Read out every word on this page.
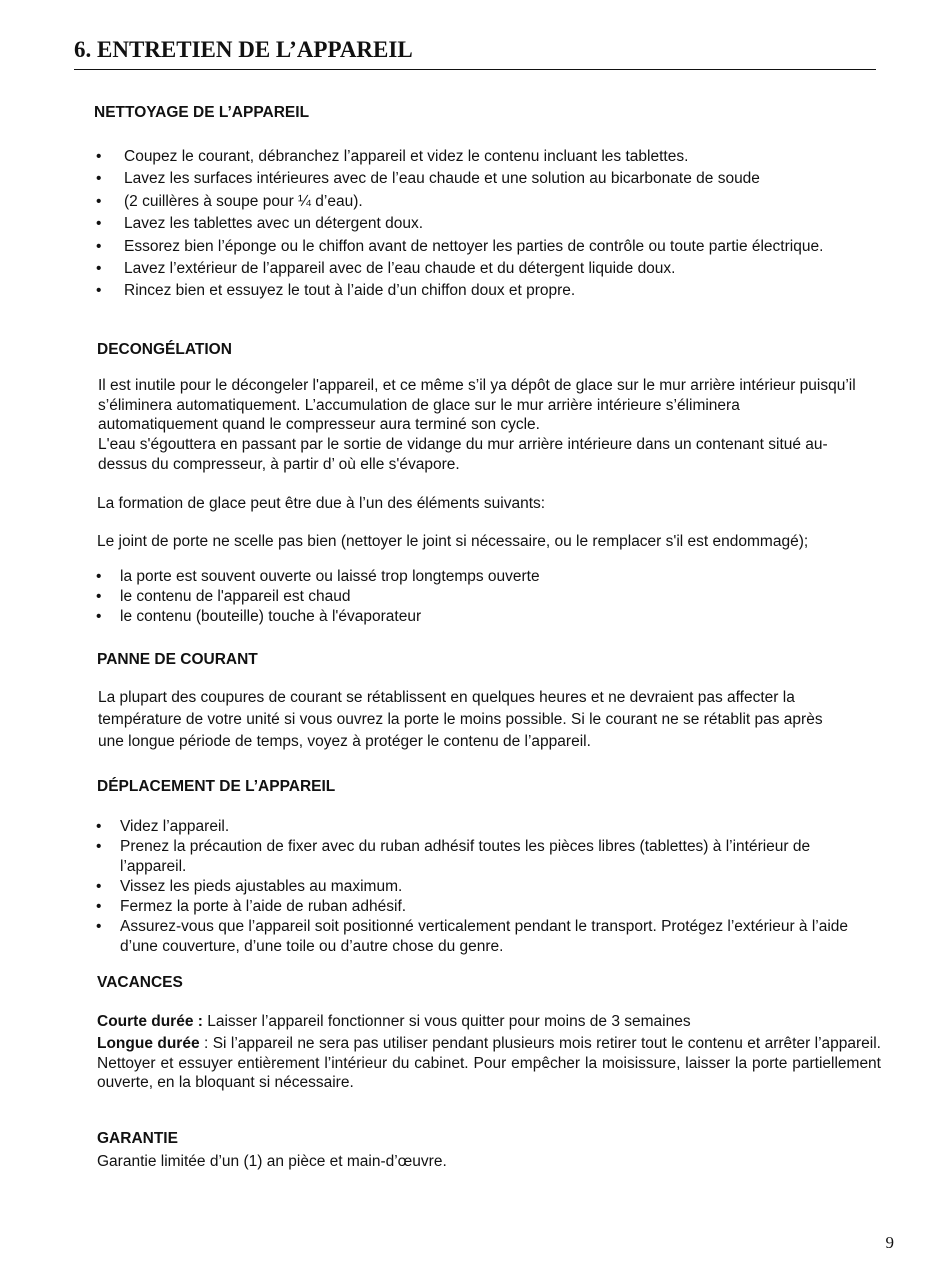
6. ENTRETIEN DE L’APPAREIL
NETTOYAGE DE L’APPAREIL
• Coupez le courant, débranchez l’appareil et videz le contenu incluant les tablettes.
• Lavez les surfaces intérieures avec de l’eau chaude et une solution au bicarbonate de soude
• (2 cuillères à soupe pour ¼ d’eau).
• Lavez les tablettes avec un détergent doux.
• Essorez bien l’éponge ou le chiffon avant de nettoyer les parties de contrôle ou toute partie électrique.
• Lavez l’extérieur de l’appareil avec de l’eau chaude et du détergent liquide doux.
• Rincez bien et essuyez le tout à l’aide d’un chiffon doux et propre.
DECONGÉLATION

Il est inutile pour le décongeler l'appareil, et ce même s’il ya dépôt de glace sur le mur arrière intérieur puisqu’il s’éliminera automatiquement. L’accumulation de glace sur le mur arrière intérieure s’éliminera automatiquement quand le compresseur aura terminé son cycle.

L'eau s'égouttera en passant par le sortie de vidange du mur arrière intérieure dans un contenant situé au-dessus du compresseur, à partir d’ où elle s'évapore.

La formation de glace peut être due à l’un des éléments suivants:

Le joint de porte ne scelle pas bien (nettoyer le joint si nécessaire, ou le remplacer s'il est endommagé);

• la porte est souvent ouverte ou laissé trop longtemps ouverte
• le contenu de l'appareil est chaud
• le contenu (bouteille) touche à l'évaporateur
PANNE DE COURANT

La plupart des coupures de courant se rétablissent en quelques heures et ne devraient pas affecter la température de votre unité si vous ouvrez la porte le moins possible. Si le courant ne se rétablit pas après une longue période de temps, voyez à protéger le contenu de l’appareil.

DÉPLACEMENT DE L’APPAREIL
• Videz l’appareil.
• Prenez la précaution de fixer avec du ruban adhésif toutes les pièces libres (tablettes) à l’intérieur de l’appareil.
• Vissez les pieds ajustables au maximum.
• Fermez la porte à l’aide de ruban adhésif.
• Assurez-vous que l’appareil soit positionné verticalement pendant le transport. Protégez l’extérieur à l’aide d’une couverture, d’une toile ou d’autre chose du genre.
VACANCES

Courte durée : Laisser l’appareil fonctionner si vous quitter pour moins de 3 semaines

Longue durée : Si l’appareil ne sera pas utiliser pendant plusieurs mois retirer tout le contenu et arrêter l’appareil. Nettoyer et essuyer entièrement l’intérieur du cabinet. Pour empêcher la moisissure, laisser la porte partiellement ouverte, en la bloquant si nécessaire.

GARANTIE

Garantie limitée d’un (1) an pièce et main-d’œuvre.

9
